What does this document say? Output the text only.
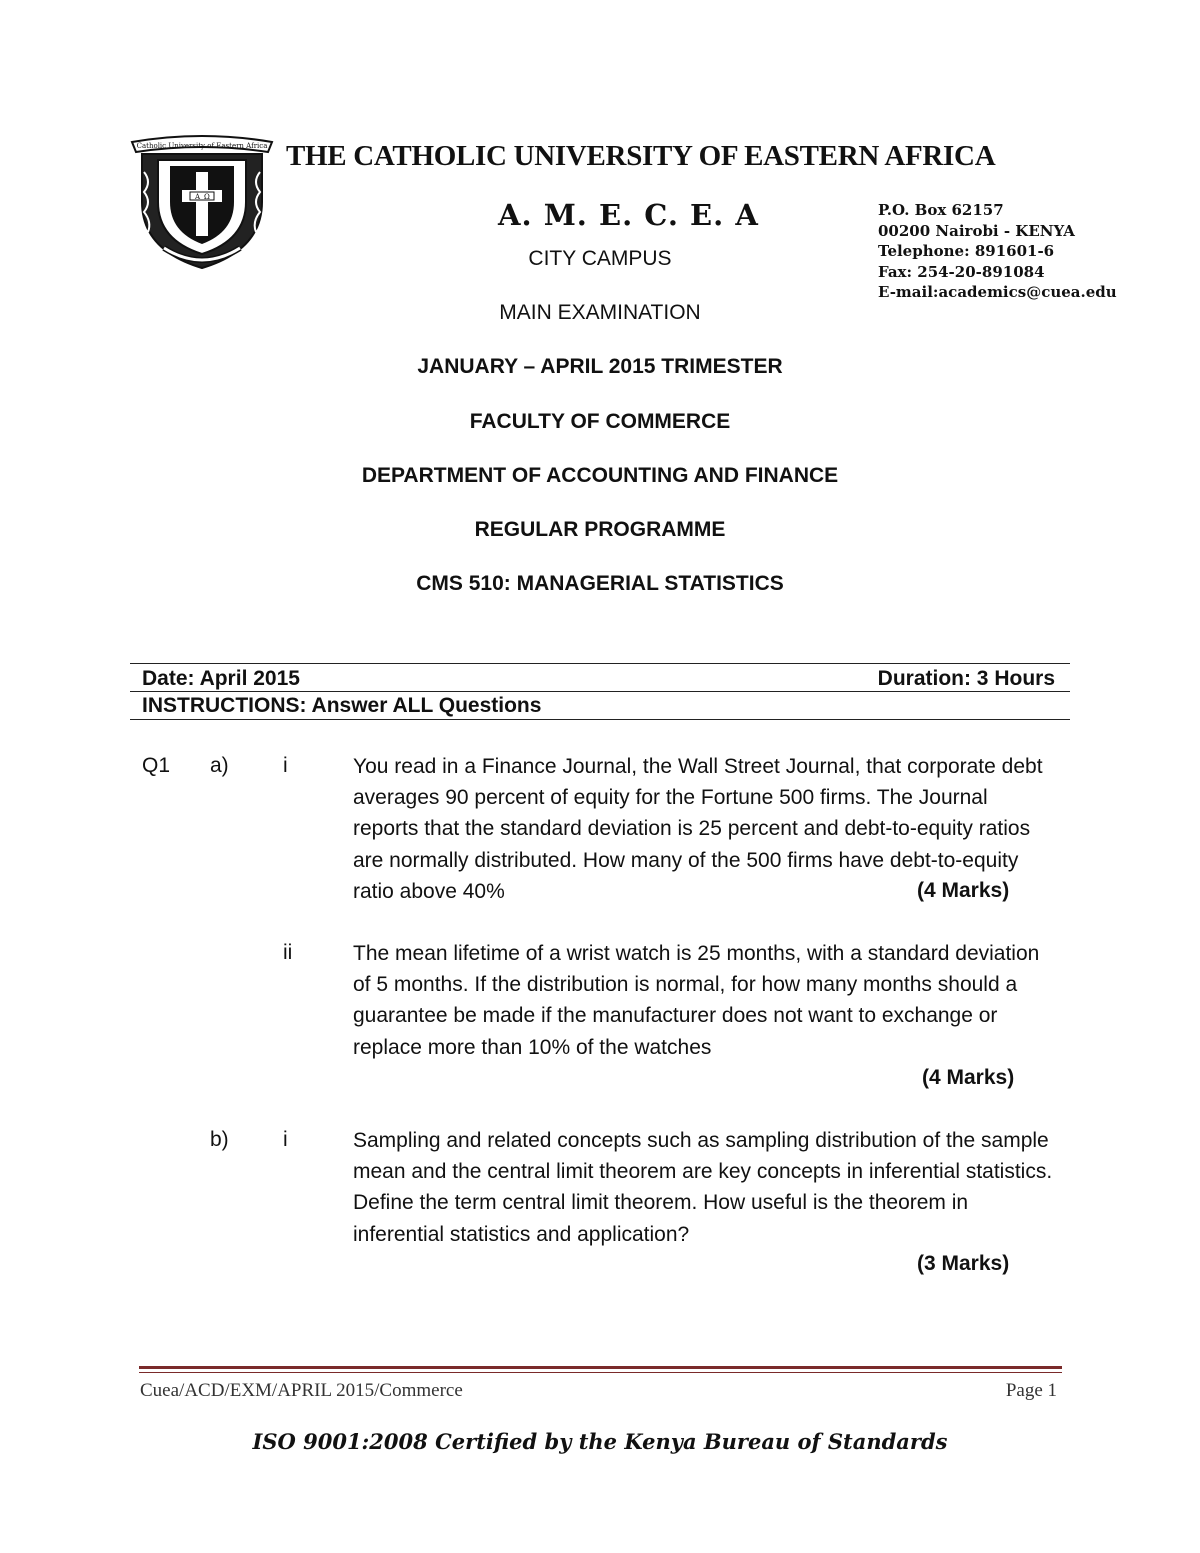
Catholic University of Eastern Africa
A Ω
THE CATHOLIC UNIVERSITY OF EASTERN AFRICA
A. M. E. C. E. A
CITY CAMPUS
P.O. Box 62157
00200 Nairobi - KENYA
Telephone: 891601-6
Fax: 254-20-891084
E-mail:academics@cuea.edu
MAIN EXAMINATION
JANUARY – APRIL 2015 TRIMESTER
FACULTY OF COMMERCE
DEPARTMENT OF ACCOUNTING AND FINANCE
REGULAR PROGRAMME
CMS 510: MANAGERIAL STATISTICS
Date: April 2015	Duration: 3 Hours
INSTRUCTIONS: Answer ALL Questions
Q1 a)	i	You read in a Finance Journal, the Wall Street Journal, that corporate debt averages 90 percent of equity for the Fortune 500 firms. The Journal reports that the standard deviation is 25 percent and debt-to-equity ratios are normally distributed. How many of the 500 firms have debt-to-equity ratio above 40%	(4 Marks)
ii	The mean lifetime of a wrist watch is 25 months, with a standard deviation of 5 months. If the distribution is normal, for how many months should a guarantee be made if the manufacturer does not want to exchange or replace more than 10% of the watches
(4 Marks)
b)	i	Sampling and related concepts such as sampling distribution of the sample mean and the central limit theorem are key concepts in inferential statistics. Define the term central limit theorem. How useful is the theorem in inferential statistics and application?
(3 Marks)
Cuea/ACD/EXM/APRIL 2015/Commerce	Page 1
ISO 9001:2008 Certified by the Kenya Bureau of Standards
